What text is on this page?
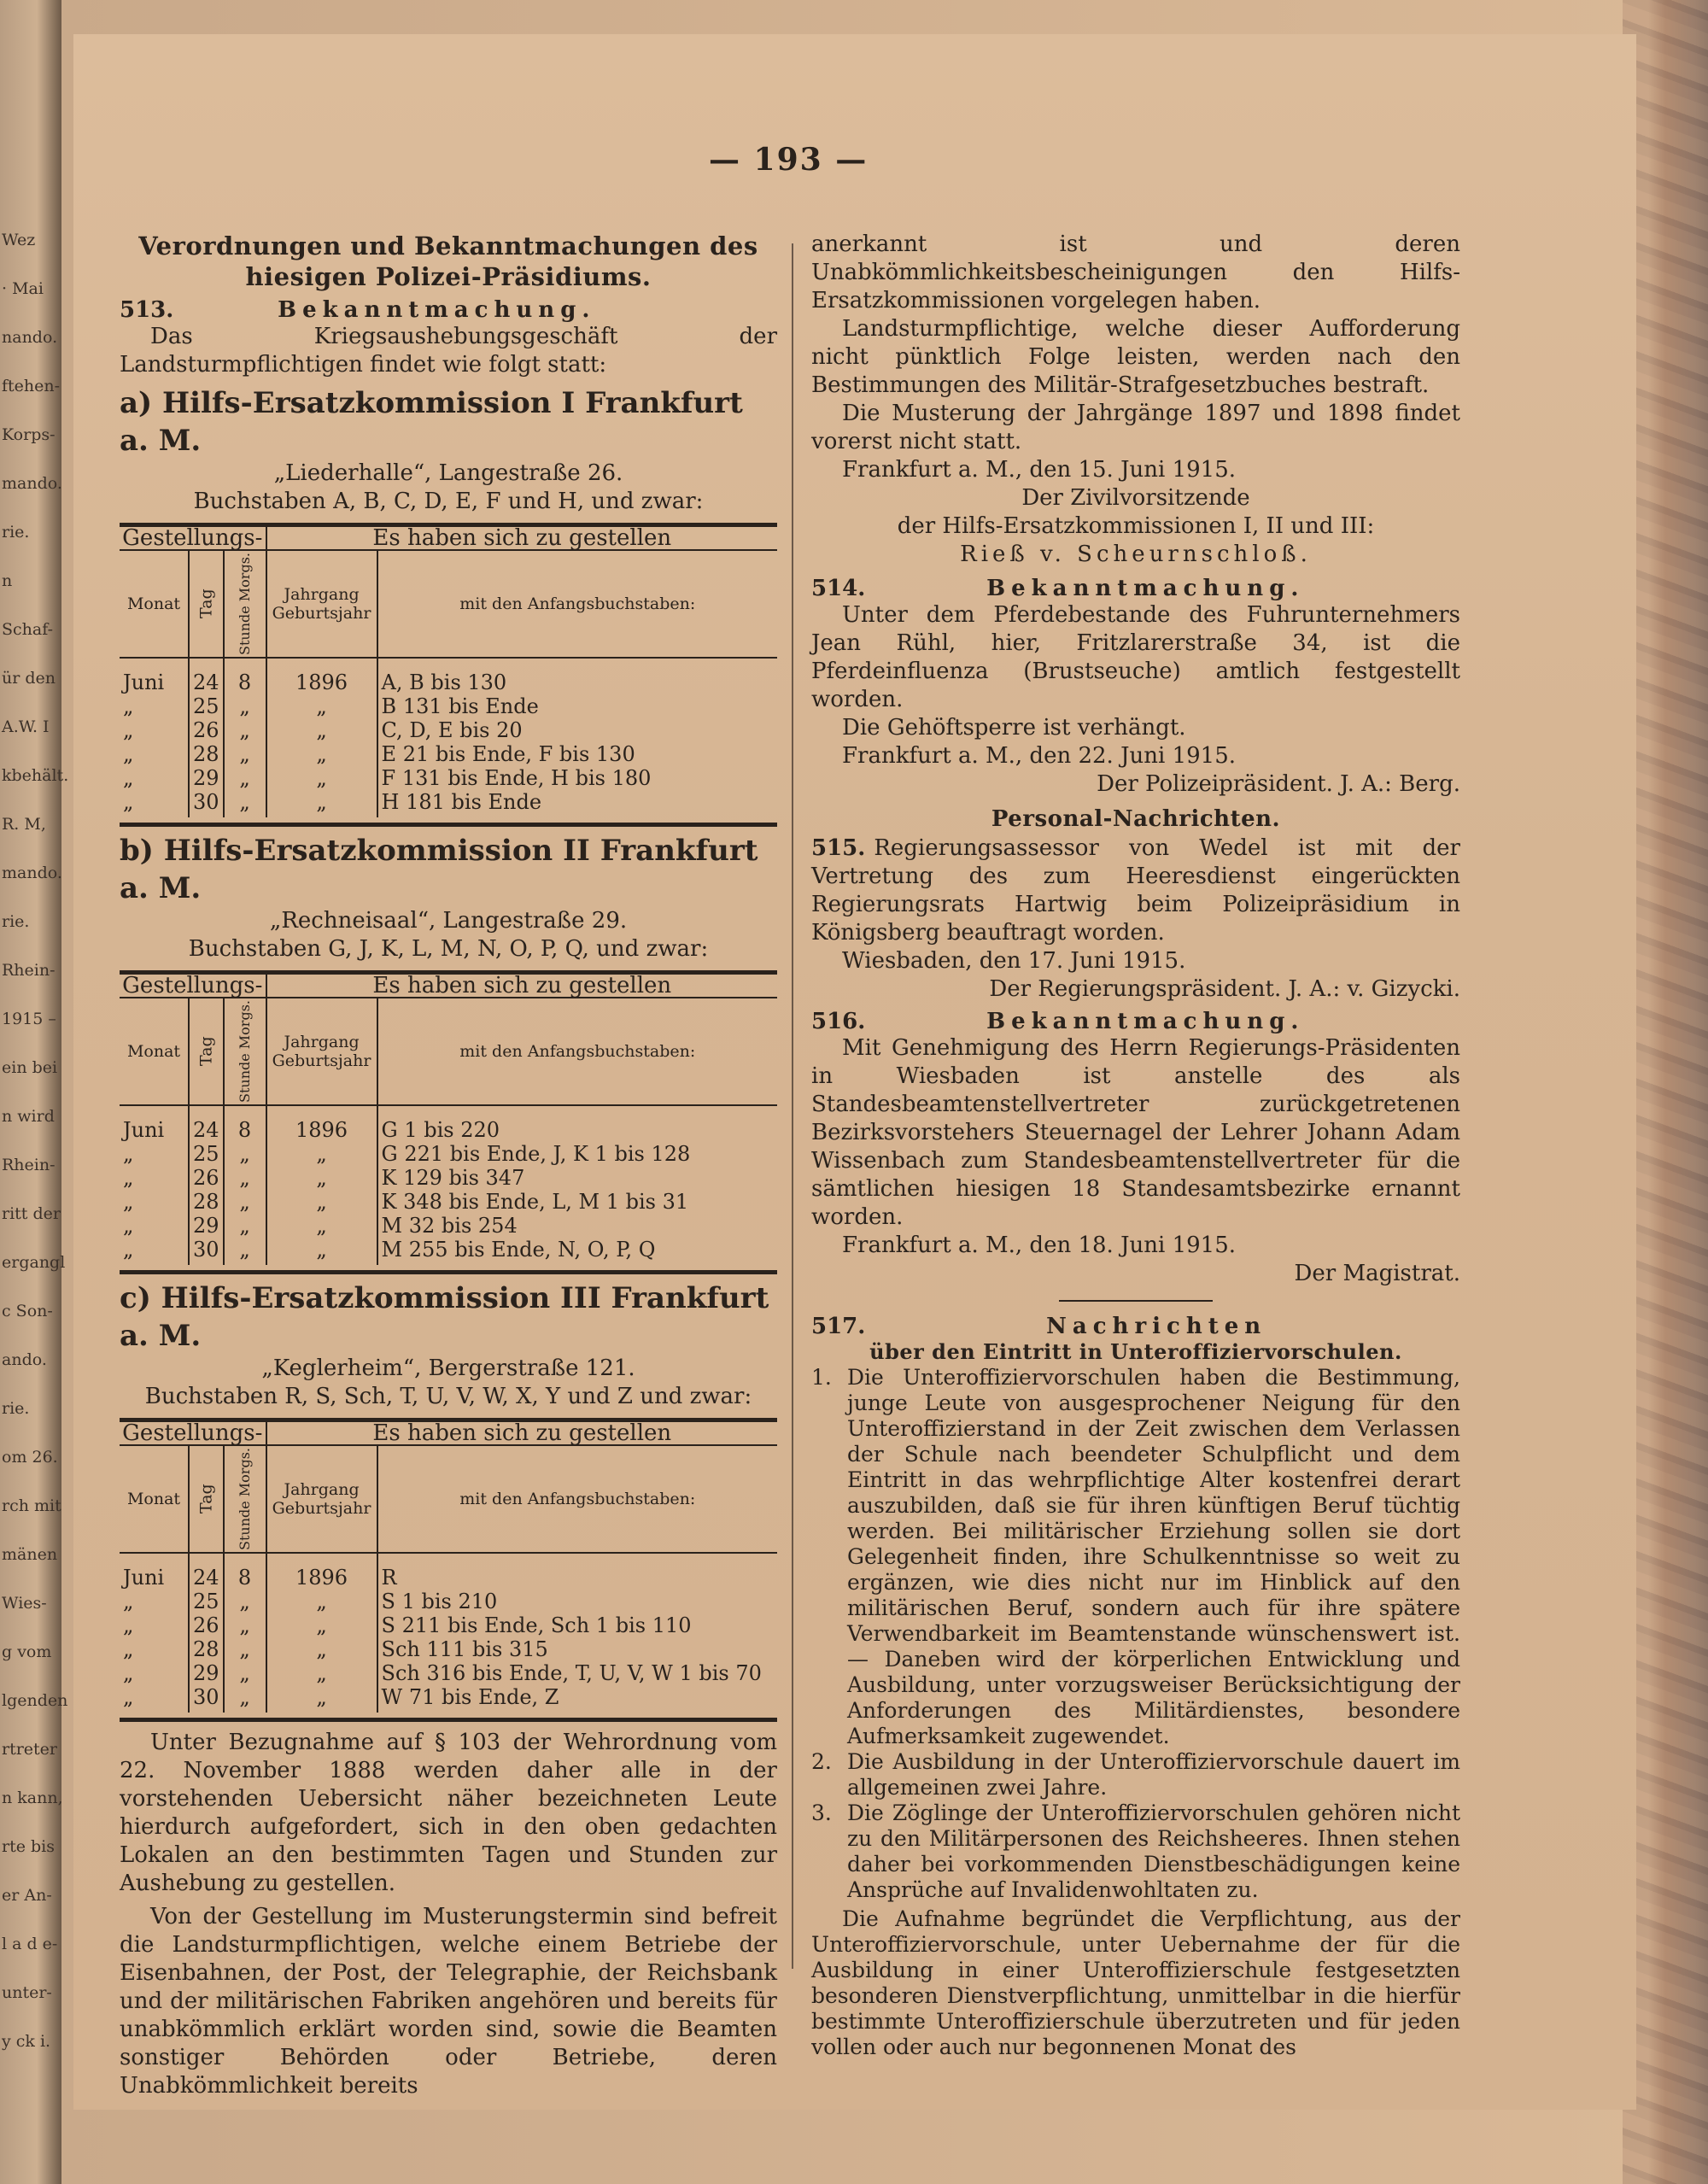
Wez
· Mai
nando.
ftehen-
Korps-
mando.
rie.
n
Schaf-
ür den
A.W. I
kbehält.
R. M,
mando.
rie.
Rhein-
1915 –
ein bei
n wird
Rhein-
ritt der
ergangl
c Son-
ando.
rie.
om 26.
rch mit
mänen
Wies-
g vom
lgenden
rtreter
n kann,
rte bis
er An-
l a d e-
unter-
y ck i.
— 193 —
Verordnungen und Bekanntmachungen des hiesigen Polizei-Präsidiums.
513.	Bekanntmachung.
Das Kriegsaushebungsgeschäft der Landsturmpflichtigen findet wie folgt statt:
a) Hilfs-Ersatzkommission I Frankfurt a. M.
„Liederhalle“, Langestraße 26.
Buchstaben A, B, C, D, E, F und H, und zwar:
Gestellungs-			Es haben sich zu gestellen	
Monat	Tag	Stunde Morgs.	Jahrgang Geburtsjahr	mit den Anfangsbuchstaben:
Juni	24	8	1896	A, B bis 130
„	25	„	„	B 131 bis Ende
„	26	„	„	C, D, E bis 20
„	28	„	„	E 21 bis Ende, F bis 130
„	29	„	„	F 131 bis Ende, H bis 180
„	30	„	„	H 181 bis Ende
b) Hilfs-Ersatzkommission II Frankfurt a. M.
„Rechneisaal“, Langestraße 29.
Buchstaben G, J, K, L, M, N, O, P, Q, und zwar:
Gestellungs-			Es haben sich zu gestellen	
Monat	Tag	Stunde Morgs.	Jahrgang Geburtsjahr	mit den Anfangsbuchstaben:
Juni	24	8	1896	G 1 bis 220
„	25	„	„	G 221 bis Ende, J, K 1 bis 128
„	26	„	„	K 129 bis 347
„	28	„	„	K 348 bis Ende, L, M 1 bis 31
„	29	„	„	M 32 bis 254
„	30	„	„	M 255 bis Ende, N, O, P, Q
c) Hilfs-Ersatzkommission III Frankfurt a. M.
„Keglerheim“, Bergerstraße 121.
Buchstaben R, S, Sch, T, U, V, W, X, Y und Z und zwar:
Gestellungs-			Es haben sich zu gestellen	
Monat	Tag	Stunde Morgs.	Jahrgang Geburtsjahr	mit den Anfangsbuchstaben:
Juni	24	8	1896	R
„	25	„	„	S 1 bis 210
„	26	„	„	S 211 bis Ende, Sch 1 bis 110
„	28	„	„	Sch 111 bis 315
„	29	„	„	Sch 316 bis Ende, T, U, V, W 1 bis 70
„	30	„	„	W 71 bis Ende, Z
Unter Bezugnahme auf § 103 der Wehrordnung vom 22. November 1888 werden daher alle in der vorstehenden Uebersicht näher bezeichneten Leute hierdurch aufgefordert, sich in den oben gedachten Lokalen an den bestimmten Tagen und Stunden zur Aushebung zu gestellen.
Von der Gestellung im Musterungstermin sind befreit die Landsturmpflichtigen, welche einem Betriebe der Eisenbahnen, der Post, der Telegraphie, der Reichsbank und der militärischen Fabriken angehören und bereits für unabkömmlich erklärt worden sind, sowie die Beamten sonstiger Behörden oder Betriebe, deren Unabkömmlichkeit bereits
anerkannt ist und deren Unabkömmlichkeitsbescheinigungen den Hilfs-Ersatzkommissionen vorgelegen haben.
Landsturmpflichtige, welche dieser Aufforderung nicht pünktlich Folge leisten, werden nach den Bestimmungen des Militär-Strafgesetzbuches bestraft.
Die Musterung der Jahrgänge 1897 und 1898 findet vorerst nicht statt.
Frankfurt a. M., den 15. Juni 1915.
Der Zivilvorsitzende
der Hilfs-Ersatzkommissionen I, II und III:
Rieß v. Scheurnschloß.
514.	Bekanntmachung.
Unter dem Pferdebestande des Fuhrunternehmers Jean Rühl, hier, Fritzlarerstraße 34, ist die Pferdeinfluenza (Brustseuche) amtlich festgestellt worden.
Die Gehöftsperre ist verhängt.
Frankfurt a. M., den 22. Juni 1915.
Der Polizeipräsident. J. A.: Berg.
Personal-Nachrichten.
515. Regierungsassessor von Wedel ist mit der Vertretung des zum Heeresdienst eingerückten Regierungsrats Hartwig beim Polizeipräsidium in Königsberg beauftragt worden.
Wiesbaden, den 17. Juni 1915.
Der Regierungspräsident. J. A.: v. Gizycki.
516.	Bekanntmachung.
Mit Genehmigung des Herrn Regierungs-Präsidenten in Wiesbaden ist anstelle des als Standesbeamtenstellvertreter zurückgetretenen Bezirksvorstehers Steuernagel der Lehrer Johann Adam Wissenbach zum Standesbeamtenstellvertreter für die sämtlichen hiesigen 18 Standesamtsbezirke ernannt worden.
Frankfurt a. M., den 18. Juni 1915.
Der Magistrat.
517.	Nachrichten
über den Eintritt in Unteroffiziervorschulen.
1. Die Unteroffiziervorschulen haben die Bestimmung, junge Leute von ausgesprochener Neigung für den Unteroffizierstand in der Zeit zwischen dem Verlassen der Schule nach beendeter Schulpflicht und dem Eintritt in das wehrpflichtige Alter kostenfrei derart auszubilden, daß sie für ihren künftigen Beruf tüchtig werden. Bei militärischer Erziehung sollen sie dort Gelegenheit finden, ihre Schulkenntnisse so weit zu ergänzen, wie dies nicht nur im Hinblick auf den militärischen Beruf, sondern auch für ihre spätere Verwendbarkeit im Beamtenstande wünschenswert ist. — Daneben wird der körperlichen Entwicklung und Ausbildung, unter vorzugsweiser Berücksichtigung der Anforderungen des Militärdienstes, besondere Aufmerksamkeit zugewendet.
2. Die Ausbildung in der Unteroffiziervorschule dauert im allgemeinen zwei Jahre.
3. Die Zöglinge der Unteroffiziervorschulen gehören nicht zu den Militärpersonen des Reichsheeres. Ihnen stehen daher bei vorkommenden Dienstbeschädigungen keine Ansprüche auf Invalidenwohltaten zu.
Die Aufnahme begründet die Verpflichtung, aus der Unteroffiziervorschule, unter Uebernahme der für die Ausbildung in einer Unteroffizierschule festgesetzten besonderen Dienstverpflichtung, unmittelbar in die hierfür bestimmte Unteroffizierschule überzutreten und für jeden vollen oder auch nur begonnenen Monat des
